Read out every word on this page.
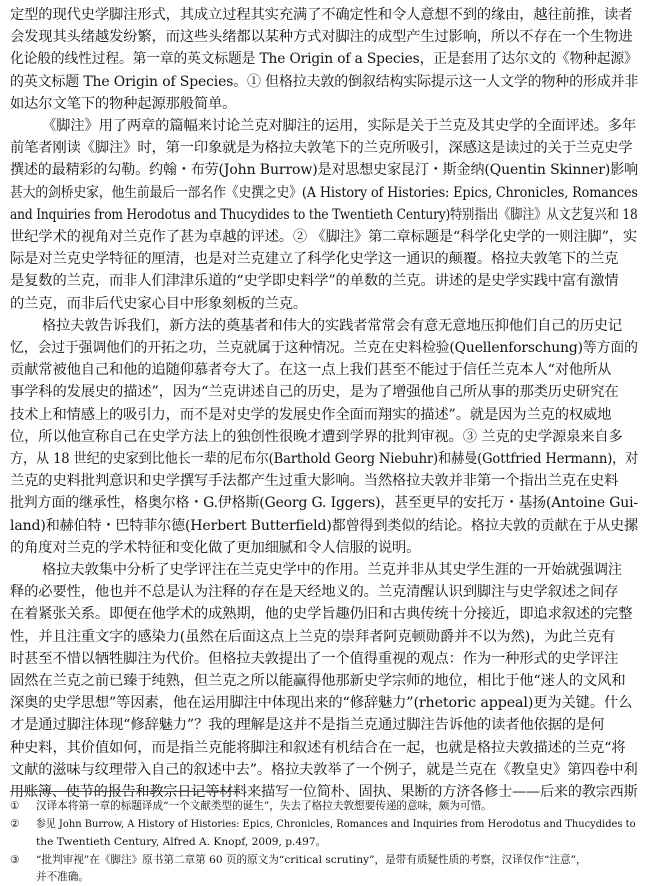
定型的现代史学脚注形式，其成立过程其实充满了不确定性和令人意想不到的缘由，越往前推，读者
会发现其头绪越发纷繁，而这些头绪都以某种方式对脚注的成型产生过影响，所以不存在一个生物进
化论般的线性过程。第一章的英文标题是 The Origin of a Species，正是套用了达尔文的《物种起源》
的英文标题 The Origin of Species。① 但格拉夫敦的倒叙结构实际提示这一人文学的物种的形成并非
如达尔文笔下的物种起源那般简单。
《脚注》用了两章的篇幅来讨论兰克对脚注的运用，实际是关于兰克及其史学的全面评述。多年
前笔者刚读《脚注》时，第一印象就是为格拉夫敦笔下的兰克所吸引，深感这是读过的关于兰克史学
撰述的最精彩的勾勒。约翰・布劳(John Burrow)是对思想史家昆汀・斯金纳(Quentin Skinner)影响
甚大的剑桥史家，他生前最后一部名作《史撰之史》(A History of Histories: Epics, Chronicles, Romances
and Inquiries from Herodotus and Thucydides to the Twentieth Century)特别指出《脚注》从文艺复兴和 18
世纪学术的视角对兰克作了甚为卓越的评述。② 《脚注》第二章标题是“科学化史学的一则注脚”，实
际是对兰克史学特征的厘清，也是对兰克建立了科学化史学这一通识的颠覆。格拉夫敦笔下的兰克
是复数的兰克，而非人们津津乐道的“史学即史料学”的单数的兰克。讲述的是史学实践中富有激情
的兰克，而非后代史家心目中形象刻板的兰克。
格拉夫敦告诉我们，新方法的奠基者和伟大的实践者常常会有意无意地压抑他们自己的历史记
忆，会过于强调他们的开拓之功，兰克就属于这种情况。兰克在史料检验(Quellenforschung)等方面的
贡献常被他自己和他的追随仰慕者夸大了。在这一点上我们甚至不能过于信任兰克本人“对他所从
事学科的发展史的描述”，因为“兰克讲述自己的历史，是为了增强他自己所从事的那类历史研究在
技术上和情感上的吸引力，而不是对史学的发展史作全面而翔实的描述”。就是因为兰克的权威地
位，所以他宣称自己在史学方法上的独创性很晚才遭到学界的批判审视。③ 兰克的史学源泉来自多
方，从 18 世纪的史家到比他长一辈的尼布尔(Barthold Georg Niebuhr)和赫曼(Gottfried Hermann)，对
兰克的史料批判意识和史学撰写手法都产生过重大影响。当然格拉夫敦并非第一个指出兰克在史料
批判方面的继承性，格奥尔格・G.伊格斯(Georg G. Iggers)，甚至更早的安托万・基扬(Antoine Gui-
land)和赫伯特・巴特菲尔德(Herbert Butterfield)都曾得到类似的结论。格拉夫敦的贡献在于从史摞
的角度对兰克的学术特征和变化做了更加细腻和令人信服的说明。
格拉夫敦集中分析了史学评注在兰克史学中的作用。兰克并非从其史学生涯的一开始就强调注
释的必要性，他也并不总是认为注释的存在是天经地义的。兰克清醒认识到脚注与史学叙述之间存
在着紧张关系。即便在他学术的成熟期，他的史学旨趣仍旧和古典传统十分接近，即追求叙述的完整
性，并且注重文字的感染力(虽然在后面这点上兰克的崇拜者阿克顿勋爵并不以为然)，为此兰克有
时甚至不惜以牺牲脚注为代价。但格拉夫敦提出了一个值得重视的观点：作为一种形式的史学评注
固然在兰克之前已臻于纯熟，但兰克之所以能赢得他那新史学宗师的地位，相比于他“迷人的文风和
深奥的史学思想”等因素，他在运用脚注中体现出来的“修辞魅力”(rhetoric appeal)更为关键。什么
才是通过脚注体现“修辞魅力”？我的理解是这并不是指兰克通过脚注告诉他的读者他依据的是何
种史料，其价值如何，而是指兰克能将脚注和叙述有机结合在一起，也就是格拉夫敦描述的兰克“将
文献的滋味与纹理带入自己的叙述中去”。格拉夫敦举了一个例子，就是兰克在《教皇史》第四卷中利
用账簿、使节的报告和教宗日记等材料来描写一位简朴、固执、果断的方济各修士——后来的教宗西斯
①	汉译本将第一章的标题译成“一个文献类型的诞生”，失去了格拉夫敦想要传递的意味，颇为可惜。
②	参见 John Burrow, A History of Histories: Epics, Chronicles, Romances and Inquiries from Herodotus and Thucydides to
the Twentieth Century, Alfred A. Knopf, 2009, p.497。
③	“批判审视”在《脚注》原书第二章第 60 页的原文为“critical scrutiny”，是带有质疑性质的考察，汉译仅作“注意”，
并不准确。
